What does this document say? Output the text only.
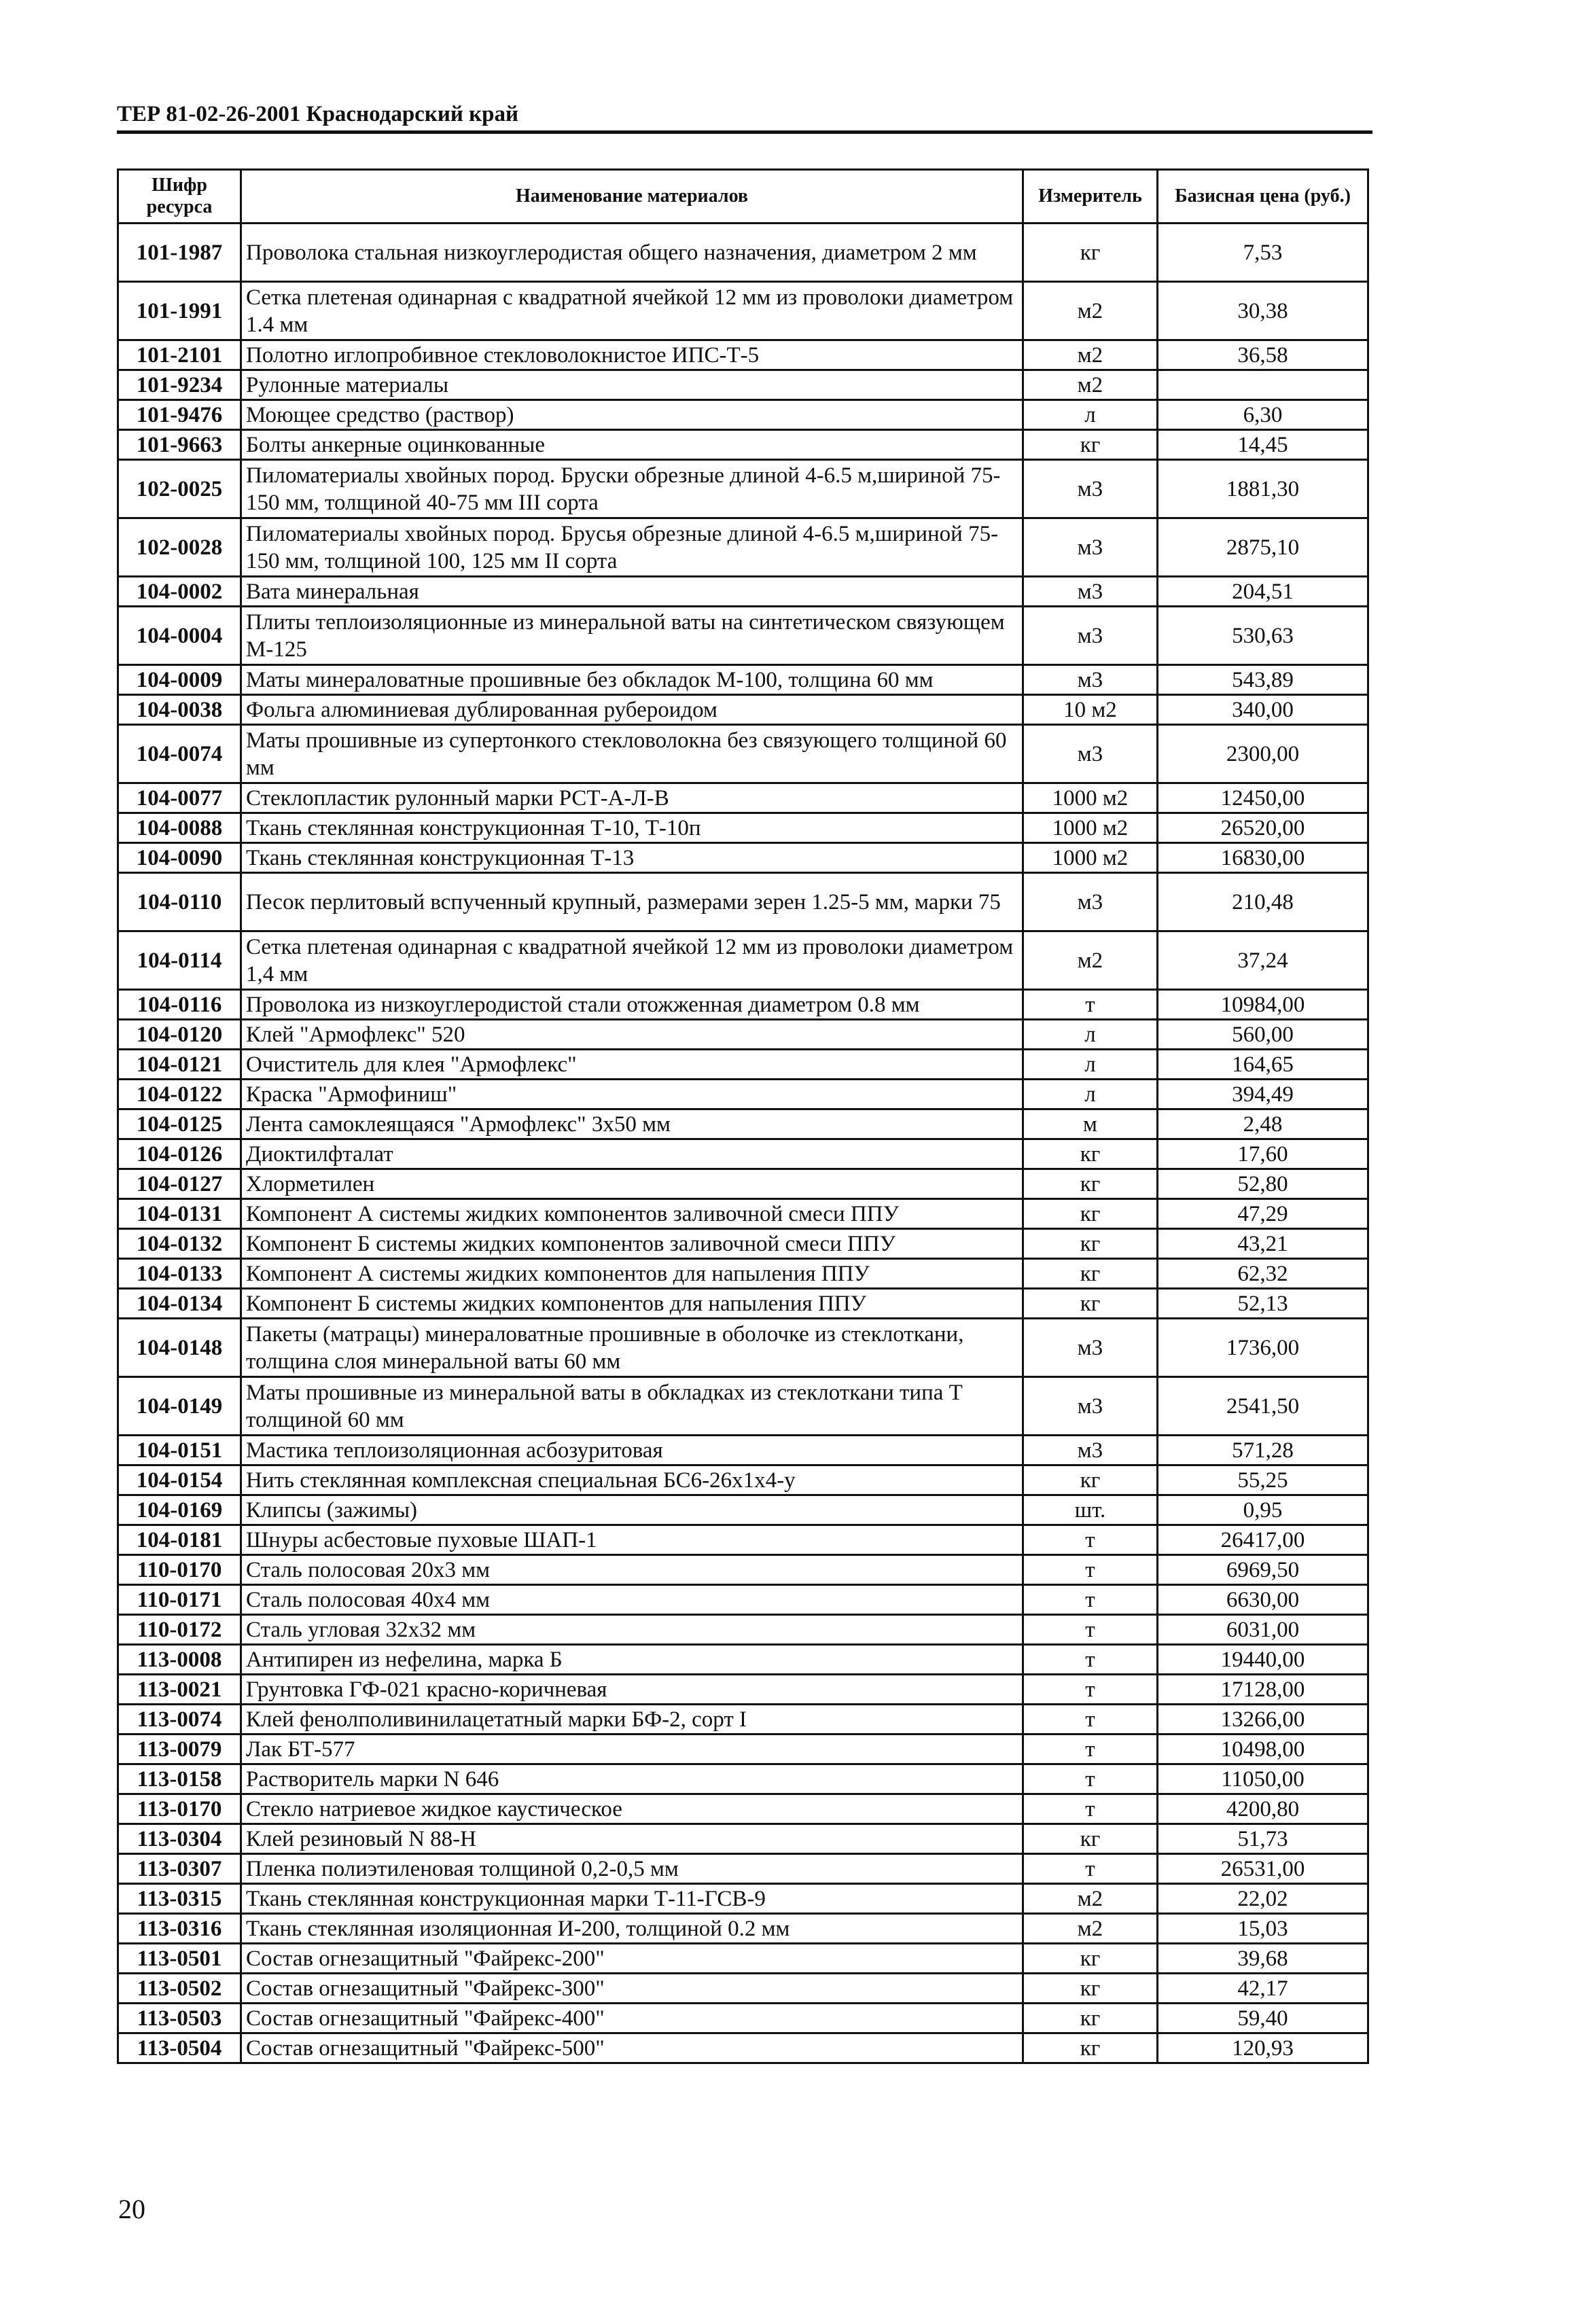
ТЕР 81-02-26-2001 Краснодарский край
Шифр ресурса	Наименование материалов	Измеритель	Базисная цена (руб.)
101-1987	Проволока стальная низкоуглеродистая общего назначения, диаметром 2 мм	кг	7,53
101-1991	Сетка плетеная одинарная с квадратной ячейкой 12 мм из проволоки диаметром 1.4 мм	м2	30,38
101-2101	Полотно иглопробивное стекловолокнистое ИПС-Т-5	м2	36,58
101-9234	Рулонные материалы	м2	
101-9476	Моющее средство (раствор)	л	6,30
101-9663	Болты анкерные оцинкованные	кг	14,45
102-0025	Пиломатериалы хвойных пород. Бруски обрезные длиной 4-6.5 м,шириной 75-150 мм, толщиной 40-75 мм III сорта	м3	1881,30
102-0028	Пиломатериалы хвойных пород. Брусья обрезные длиной 4-6.5 м,шириной 75-150 мм, толщиной 100, 125 мм II сорта	м3	2875,10
104-0002	Вата минеральная	м3	204,51
104-0004	Плиты теплоизоляционные из минеральной ваты на синтетическом связующем М-125	м3	530,63
104-0009	Маты минераловатные прошивные без обкладок М-100, толщина 60 мм	м3	543,89
104-0038	Фольга алюминиевая дублированная рубероидом	10 м2	340,00
104-0074	Маты прошивные из супертонкого стекловолокна без связующего толщиной 60 мм	м3	2300,00
104-0077	Стеклопластик рулонный марки РСТ-А-Л-В	1000 м2	12450,00
104-0088	Ткань стеклянная конструкционная Т-10, Т-10п	1000 м2	26520,00
104-0090	Ткань стеклянная конструкционная Т-13	1000 м2	16830,00
104-0110	Песок перлитовый вспученный крупный, размерами зерен 1.25-5 мм, марки 75	м3	210,48
104-0114	Сетка плетеная одинарная с квадратной ячейкой 12 мм из проволоки диаметром 1,4 мм	м2	37,24
104-0116	Проволока из низкоуглеродистой стали отожженная диаметром 0.8 мм	т	10984,00
104-0120	Клей "Армофлекс" 520	л	560,00
104-0121	Очиститель для клея "Армофлекс"	л	164,65
104-0122	Краска "Армофиниш"	л	394,49
104-0125	Лента самоклеящаяся "Армофлекс" 3х50 мм	м	2,48
104-0126	Диоктилфталат	кг	17,60
104-0127	Хлорметилен	кг	52,80
104-0131	Компонент А системы жидких компонентов заливочной смеси ППУ	кг	47,29
104-0132	Компонент Б системы жидких компонентов заливочной смеси ППУ	кг	43,21
104-0133	Компонент А системы жидких компонентов для напыления ППУ	кг	62,32
104-0134	Компонент Б системы жидких компонентов для напыления ППУ	кг	52,13
104-0148	Пакеты (матрацы) минераловатные прошивные в оболочке из стеклоткани, толщина слоя минеральной ваты 60 мм	м3	1736,00
104-0149	Маты прошивные из минеральной ваты в обкладках из стеклоткани типа Т толщиной 60 мм	м3	2541,50
104-0151	Мастика теплоизоляционная асбозуритовая	м3	571,28
104-0154	Нить стеклянная комплексная специальная БС6-26х1х4-у	кг	55,25
104-0169	Клипсы (зажимы)	шт.	0,95
104-0181	Шнуры асбестовые пуховые ШАП-1	т	26417,00
110-0170	Сталь полосовая 20х3 мм	т	6969,50
110-0171	Сталь полосовая 40х4 мм	т	6630,00
110-0172	Сталь угловая 32х32 мм	т	6031,00
113-0008	Антипирен из нефелина, марка Б	т	19440,00
113-0021	Грунтовка ГФ-021 красно-коричневая	т	17128,00
113-0074	Клей фенолполивинилацетатный марки БФ-2, сорт I	т	13266,00
113-0079	Лак БТ-577	т	10498,00
113-0158	Растворитель марки N 646	т	11050,00
113-0170	Стекло натриевое жидкое каустическое	т	4200,80
113-0304	Клей резиновый N 88-Н	кг	51,73
113-0307	Пленка полиэтиленовая толщиной 0,2-0,5 мм	т	26531,00
113-0315	Ткань стеклянная конструкционная марки Т-11-ГСВ-9	м2	22,02
113-0316	Ткань стеклянная изоляционная И-200, толщиной 0.2 мм	м2	15,03
113-0501	Состав огнезащитный "Файрекс-200"	кг	39,68
113-0502	Состав огнезащитный "Файрекс-300"	кг	42,17
113-0503	Состав огнезащитный "Файрекс-400"	кг	59,40
113-0504	Состав огнезащитный "Файрекс-500"	кг	120,93
20
